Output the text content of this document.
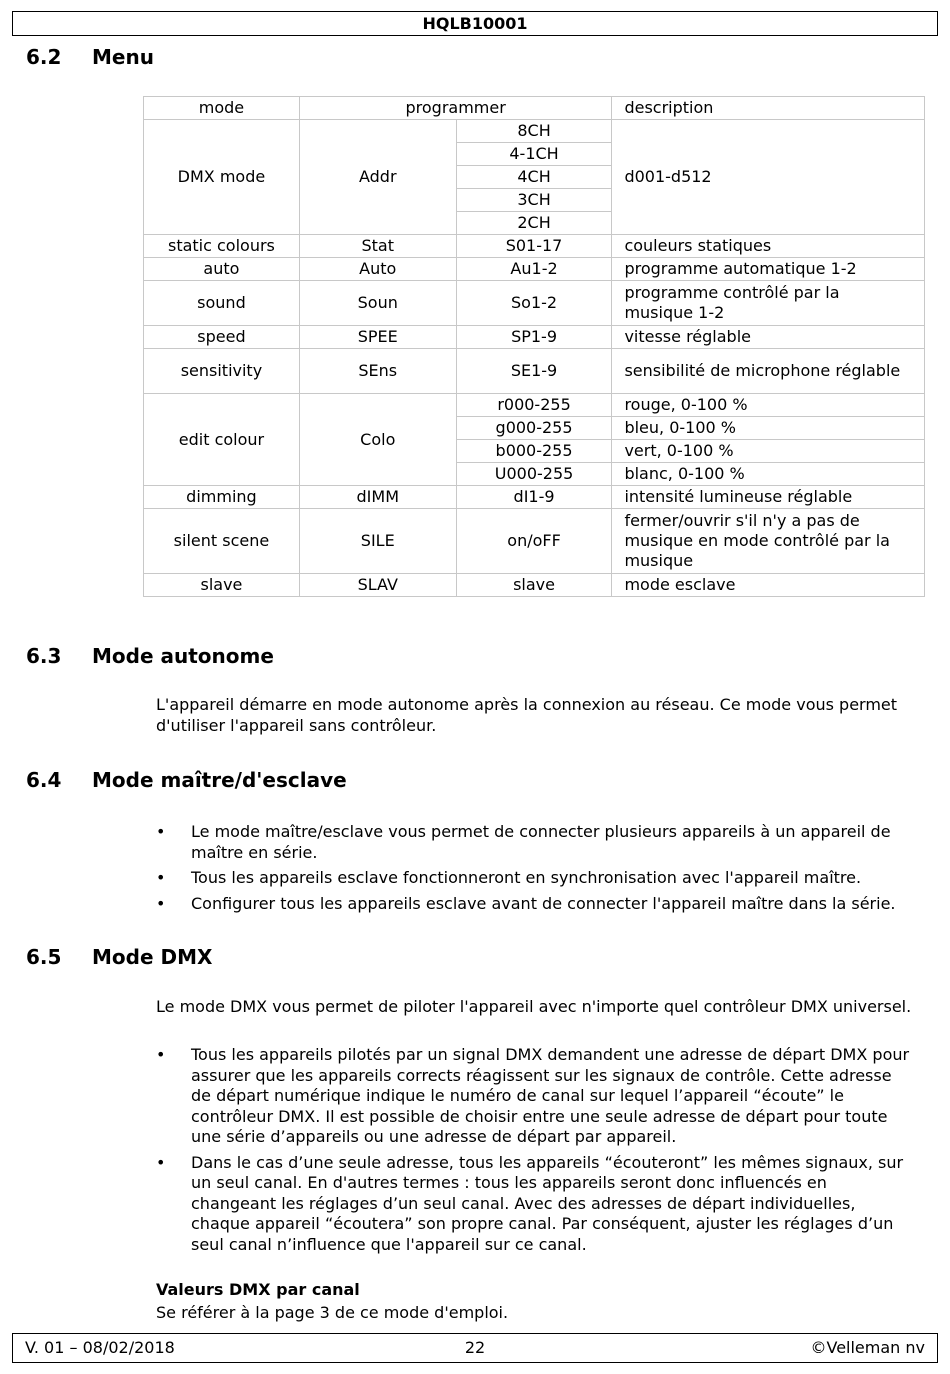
HQLB10001
6.2 Menu
mode	programmer		description
DMX mode	Addr	8CH	d001-d512
		4-1CH	
		4CH	
		3CH	
		2CH	
static colours	Stat	S01-17	couleurs statiques
auto	Auto	Au1-2	programme automatique 1-2
sound	Soun	So1-2	programme contrôlé par la musique 1-2
speed	SPEE	SP1-9	vitesse réglable
sensitivity	SEns	SE1-9	sensibilité de microphone réglable
edit colour	Colo	r000-255	rouge, 0-100 %
		g000-255	bleu, 0-100 %
		b000-255	vert, 0-100 %
		U000-255	blanc, 0-100 %
dimming	dIMM	dI1-9	intensité lumineuse réglable
silent scene	SILE	on/oFF	fermer/ouvrir s'il n'y a pas de musique en mode contrôlé par la musique
slave	SLAV	slave	mode esclave
6.3 Mode autonome
L'appareil démarre en mode autonome après la connexion au réseau. Ce mode vous permet d'utiliser l'appareil sans contrôleur.
6.4 Mode maître/d'esclave
• Le mode maître/esclave vous permet de connecter plusieurs appareils à un appareil de maître en série.
• Tous les appareils esclave fonctionneront en synchronisation avec l'appareil maître.
• Configurer tous les appareils esclave avant de connecter l'appareil maître dans la série.
6.5 Mode DMX
Le mode DMX vous permet de piloter l'appareil avec n'importe quel contrôleur DMX universel.
• Tous les appareils pilotés par un signal DMX demandent une adresse de départ DMX pour assurer que les appareils corrects réagissent sur les signaux de contrôle. Cette adresse de départ numérique indique le numéro de canal sur lequel l’appareil “écoute” le contrôleur DMX. Il est possible de choisir entre une seule adresse de départ pour toute une série d’appareils ou une adresse de départ par appareil.
• Dans le cas d’une seule adresse, tous les appareils “écouteront” les mêmes signaux, sur un seul canal. En d'autres termes : tous les appareils seront donc influencés en changeant les réglages d’un seul canal. Avec des adresses de départ individuelles, chaque appareil “écoutera” son propre canal. Par conséquent, ajuster les réglages d’un seul canal n’influence que l'appareil sur ce canal.
Valeurs DMX par canal
Se référer à la page 3 de ce mode d'emploi.
V. 01 – 08/02/2018	22	©Velleman nv
